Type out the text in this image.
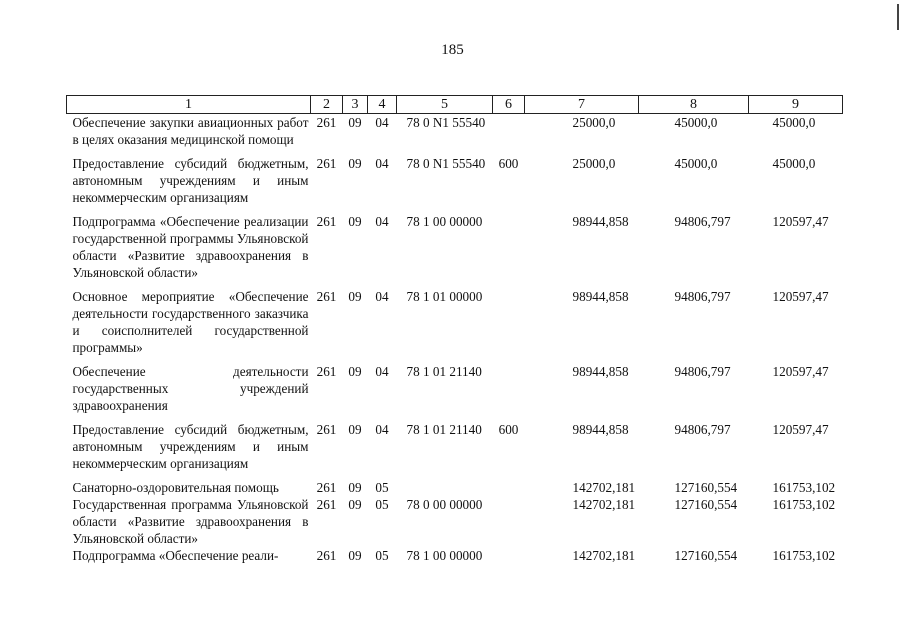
185
1	2	3	4	5	6	7	8	9
Обеспечение закупки авиационных работ в целях оказания медицинской помощи	261	09	04	78 0 N1 55540		25000,0	45000,0	45000,0
Предоставление субсидий бюджетным, автономным учреждениям и иным некоммерческим организациям	261	09	04	78 0 N1 55540	600	25000,0	45000,0	45000,0
Подпрограмма «Обеспечение реализации государственной программы Ульяновской области «Развитие здравоохранения в Ульяновской области»	261	09	04	78 1 00 00000		98944,858	94806,797	120597,47
Основное мероприятие «Обеспечение деятельности государственного заказчика и соисполнителей государственной программы»	261	09	04	78 1 01 00000		98944,858	94806,797	120597,47
Обеспечение деятельности государственных учреждений здравоохранения	261	09	04	78 1 01 21140		98944,858	94806,797	120597,47
Предоставление субсидий бюджетным, автономным учреждениям и иным некоммерческим организациям	261	09	04	78 1 01 21140	600	98944,858	94806,797	120597,47
Санаторно-оздоровительная помощь	261	09	05			142702,181	127160,554	161753,102
Государственная программа Ульяновской области «Развитие здравоохранения в Ульяновской области»	261	09	05	78 0 00 00000		142702,181	127160,554	161753,102
Подпрограмма «Обеспечение реали-	261	09	05	78 1 00 00000		142702,181	127160,554	161753,102
